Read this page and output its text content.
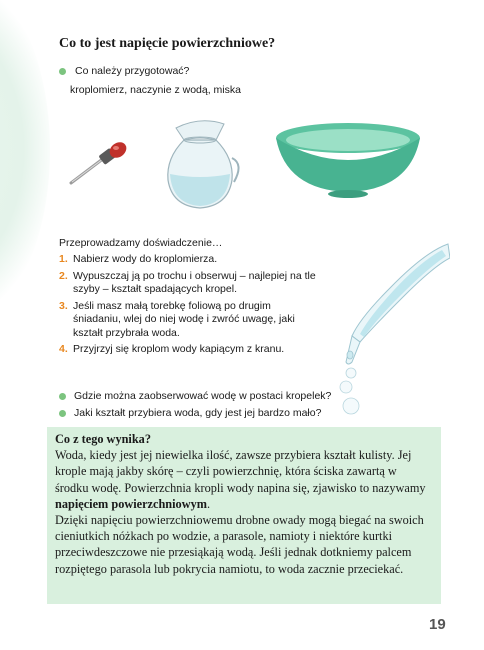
Co to jest napięcie powierzchniowe?
Co należy przygotować?
kroplomierz, naczynie z wodą, miska
Przeprowadzamy doświadczenie…
1. Nabierz wody do kroplomierza.
2. Wypuszczaj ją po trochu i obserwuj – najlepiej na tle szyby – kształt spadających kropel.
3. Jeśli masz małą torebkę foliową po drugim śniadaniu, wlej do niej wodę i zwróć uwagę, jaki kształt przybrała woda.
4. Przyjrzyj się kroplom wody kapiącym z kranu.
Gdzie można zaobserwować wodę w postaci kropelek?
Jaki kształt przybiera woda, gdy jest jej bardzo mało?
Co z tego wynika?
Woda, kiedy jest jej niewielka ilość, zawsze przybiera kształt kulisty. Jej krople mają jakby skórę – czyli powierzchnię, która ściska zawartą w środku wodę. Powierzchnia kropli wody napina się, zjawisko to nazywamy napięciem powierzchniowym.
Dzięki napięciu powierzchniowemu drobne owady mogą biegać na swoich cieniutkich nóżkach po wodzie, a parasole, namioty i niektóre kurtki przeciwdeszczowe nie przesiąkają wodą. Jeśli jednak dotkniemy palcem rozpiętego parasola lub pokrycia namiotu, to woda zacznie przeciekać.
19
